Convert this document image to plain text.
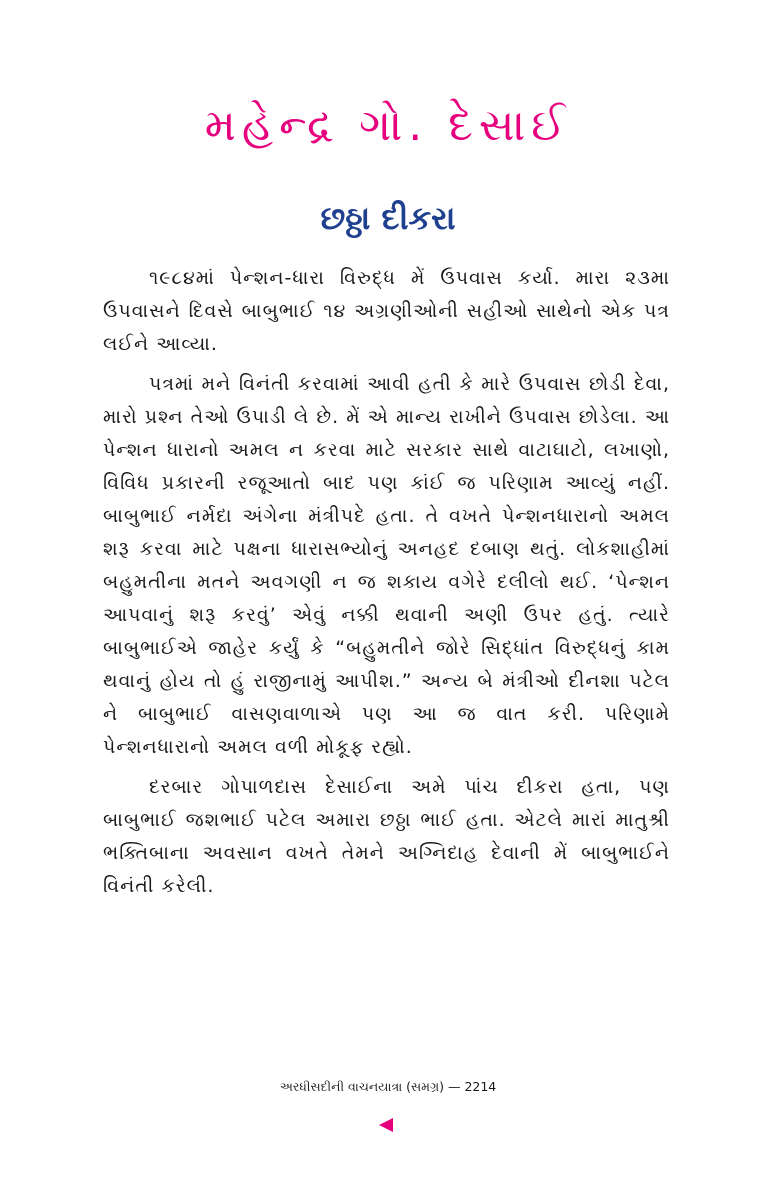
મહેન્દ્ર ગો. દેસાઈ
છઠ્ઠા દીકરા

૧૯૮૪માં પેન્શન-ધારા વિરુદ્ધ મેં ઉપવાસ કર્યા. મારા ૨૩મા ઉપવાસને દિવસે બાબુભાઈ ૧૪ અગ્રણીઓની સહીઓ સાથેનો એક પત્ર લઈને આવ્યા.

પત્રમાં મને વિનંતી કરવામાં આવી હતી કે મારે ઉપવાસ છોડી દેવા, મારો પ્રશ્ન તેઓ ઉપાડી લે છે. મેં એ માન્ય રાખીને ઉપવાસ છોડેલા. આ પેન્શન ધારાનો અમલ ન કરવા માટે સરકાર સાથે વાટાઘાટો, લખાણો, વિવિધ પ્રકારની રજૂઆતો બાદ પણ કાંઈ જ પરિણામ આવ્યું નહીં. બાબુભાઈ નર્મદા અંગેના મંત્રીપદે હતા. તે વખતે પેન્શનધારાનો અમલ શરૂ કરવા માટે પક્ષના ધારાસભ્યોનું અનહદ દબાણ થતું. લોકશાહીમાં બહુમતીના મતને અવગણી ન જ શકાય વગેરે દલીલો થઈ. ‘પેન્શન આપવાનું શરૂ કરવું’ એવું નક્કી થવાની અણી ઉપર હતું. ત્યારે બાબુભાઈએ જાહેર કર્યું કે “બહુમતીને જોરે સિદ્ધાંત વિરુદ્ધનું કામ થવાનું હોય તો હું રાજીનામું આપીશ.” અન્ય બે મંત્રીઓ દીનશા પટેલ ને બાબુભાઈ વાસણવાળાએ પણ આ જ વાત કરી. પરિણામે પેન્શનધારાનો અમલ વળી મોકૂફ રહ્યો.

દરબાર ગોપાળદાસ દેસાઈના અમે પાંચ દીકરા હતા, પણ બાબુભાઈ જશભાઈ પટેલ અમારા છઠ્ઠા ભાઈ હતા. એટલે મારાં માતુશ્રી ભક્તિબાના અવસાન વખતે તેમને અગ્નિદાહ દેવાની મેં બાબુભાઈને વિનંતી કરેલી.

અરધીસદીની વાચનયાત્રા (સમગ્ર) — 2214
